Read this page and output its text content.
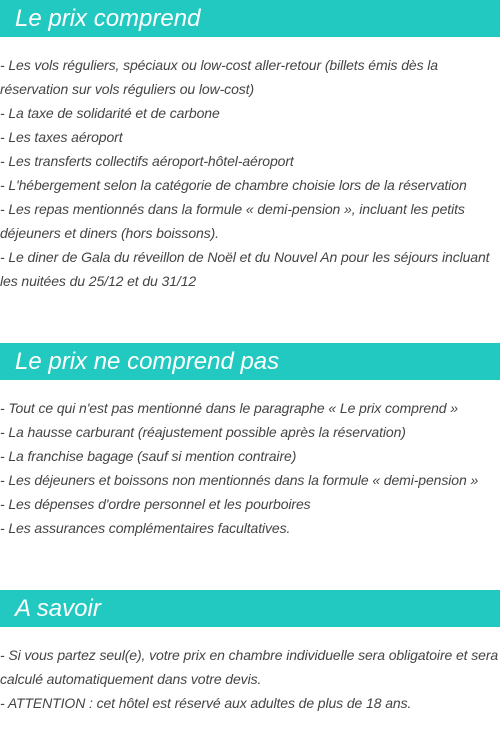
Le prix comprend
- Les vols réguliers, spéciaux ou low-cost aller-retour (billets émis dès la réservation sur vols réguliers ou low-cost)
- La taxe de solidarité et de carbone
- Les taxes aéroport
- Les transferts collectifs aéroport-hôtel-aéroport
- L'hébergement selon la catégorie de chambre choisie lors de la réservation
- Les repas mentionnés dans la formule « demi-pension », incluant les petits déjeuners et diners (hors boissons).
- Le diner de Gala du réveillon de Noël et du Nouvel An pour les séjours incluant les nuitées du 25/12 et du 31/12
Le prix ne comprend pas
- Tout ce qui n'est pas mentionné dans le paragraphe « Le prix comprend »
- La hausse carburant (réajustement possible après la réservation)
- La franchise bagage (sauf si mention contraire)
- Les déjeuners et boissons non mentionnés dans la formule « demi-pension »
- Les dépenses d'ordre personnel et les pourboires
- Les assurances complémentaires facultatives.
A savoir
- Si vous partez seul(e), votre prix en chambre individuelle sera obligatoire et sera calculé automatiquement dans votre devis.
- ATTENTION : cet hôtel est réservé aux adultes de plus de 18 ans.
